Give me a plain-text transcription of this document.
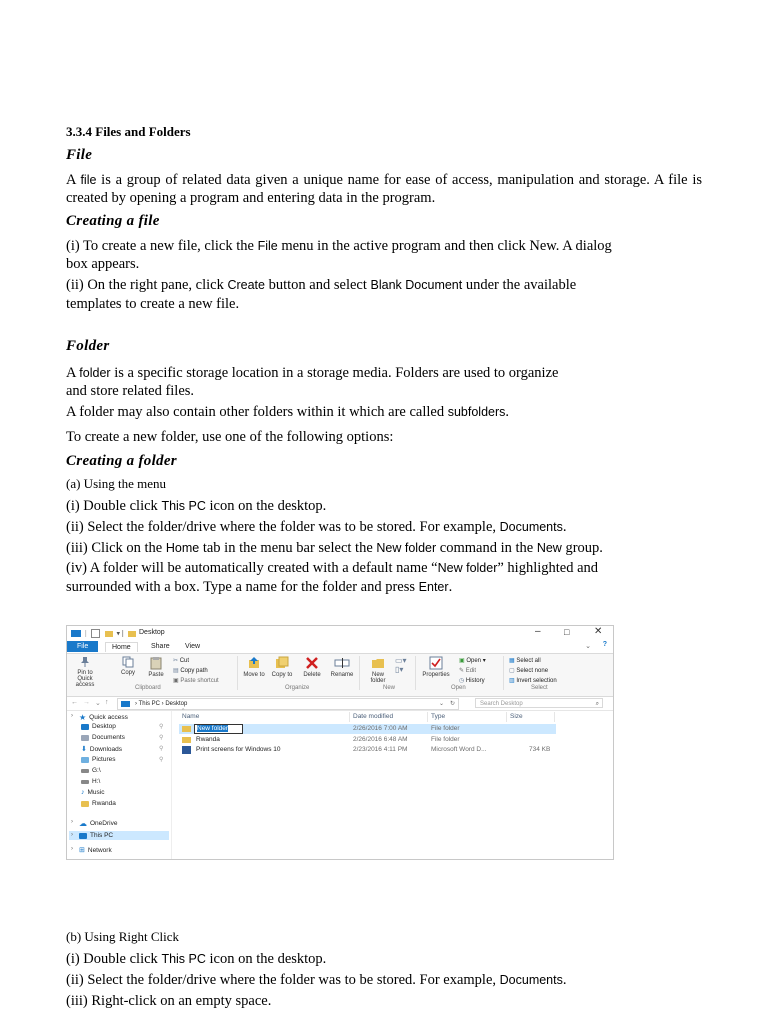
3.3.4 Files and Folders
File
A file is a group of related data given a unique name for ease of access, manipulation and storage. A file is created by opening a program and entering data in the program.
Creating a file
(i) To create a new file, click the File menu in the active program and then click New. A dialog
box appears.
(ii) On the right pane, click Create button and select Blank Document under the available
templates to create a new file.
Folder
A folder is a specific storage location in a storage media. Folders are used to organize
and store related files.
A folder may also contain other folders within it which are called subfolders.
To create a new folder, use one of the following options:
Creating a folder
(a) Using the menu
(i) Double click This PC icon on the desktop.
(ii) Select the folder/drive where the folder was to be stored. For example, Documents.
(iii) Click on the Home tab in the menu bar select the New folder command in the New group.
(iv) A folder will be automatically created with a default name “New folder” highlighted and
surrounded with a box. Type a name for the folder and press Enter.
|	▾ |	Desktop	–	□ ✕
File	Home	Share	View	⌄ ?
Pin to Quick access
Copy	Paste
✂ Cut
▤ Copy path
▣ Paste shortcut
Clipboard
Move to Copy to	Delete	Rename
Organize
New folder
▭▾
▯▾
New
Properties
▣ Open ▾
✎ Edit
◷ History
Open
▦ Select all
▢ Select none
▥ Invert selection
Select
← → ⌄ ↑	› This PC › Desktop	⌄ ↻	Search Desktop	⌕
› ★ Quick access
Desktop	⚲
Documents	⚲
⬇ Downloads	⚲
Pictures	⚲
G:\
H:\
♪ Music
Rwanda
› ☁ OneDrive
›	This PC
› ⊞ Network
^
Name	Date modified	Type	Size
New folder	2/26/2016 7:00 AM	File folder
Rwanda	2/26/2016 6:48 AM	File folder
Print screens for Windows 10	2/23/2016 4:11 PM	Microsoft Word D...	734 KB
(b) Using Right Click
(i) Double click This PC icon on the desktop.
(ii) Select the folder/drive where the folder was to be stored. For example, Documents.
(iii) Right-click on an empty space.
